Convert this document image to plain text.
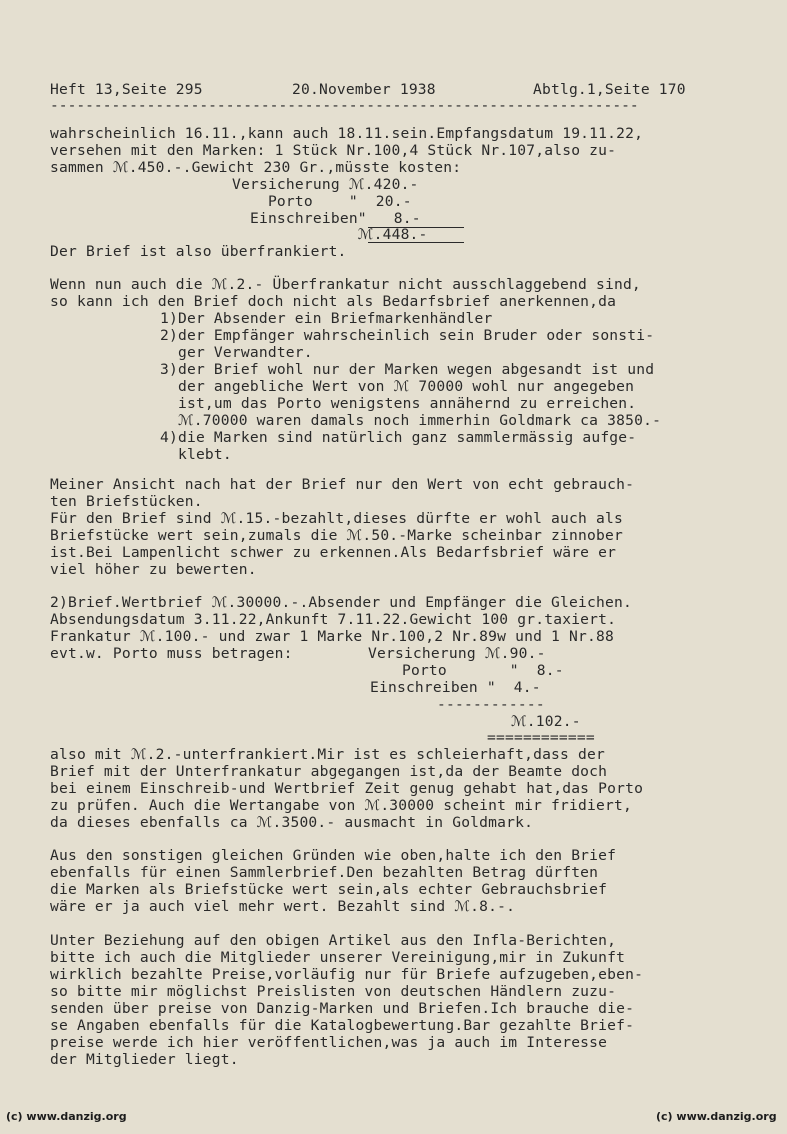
Heft 13,Seite 295	20.November 1938	Abtlg.1,Seite 170
-------------------------------------------------------------------
wahrscheinlich 16.11.,kann auch 18.11.sein.Empfangsdatum 19.11.22,
versehen mit den Marken: 1 Stück Nr.100,4 Stück Nr.107,also zu-
sammen ℳ.450.-.Gewicht 230 Gr.,müsste kosten:
Versicherung ℳ.420.-
Porto    "  20.-
Einschreiben"   8.-
ℳ.448.-
Der Brief ist also überfrankiert.
Wenn nun auch die ℳ.2.- Überfrankatur nicht ausschlaggebend sind,
so kann ich den Brief doch nicht als Bedarfsbrief anerkennen,da
1)Der Absender ein Briefmarkenhändler
2)der Empfänger wahrscheinlich sein Bruder oder sonsti-
ger Verwandter.
3)der Brief wohl nur der Marken wegen abgesandt ist und
der angebliche Wert von ℳ 70000 wohl nur angegeben
ist,um das Porto wenigstens annähernd zu erreichen.
ℳ.70000 waren damals noch immerhin Goldmark ca 3850.-
4)die Marken sind natürlich ganz sammlermässig aufge-
klebt.
Meiner Ansicht nach hat der Brief nur den Wert von echt gebrauch-
ten Briefstücken.
Für den Brief sind ℳ.15.-bezahlt,dieses dürfte er wohl auch als
Briefstücke wert sein,zumals die ℳ.50.-Marke scheinbar zinnober
ist.Bei Lampenlicht schwer zu erkennen.Als Bedarfsbrief wäre er
viel höher zu bewerten.
2)Brief.Wertbrief ℳ.30000.-.Absender und Empfänger die Gleichen.
Absendungsdatum 3.11.22,Ankunft 7.11.22.Gewicht 100 gr.taxiert.
Frankatur ℳ.100.- und zwar 1 Marke Nr.100,2 Nr.89w und 1 Nr.88
evt.w. Porto muss betragen:	Versicherung ℳ.90.-
Porto       "  8.-
Einschreiben "  4.-
------------
ℳ.102.-
============
also mit ℳ.2.-unterfrankiert.Mir ist es schleierhaft,dass der
Brief mit der Unterfrankatur abgegangen ist,da der Beamte doch
bei einem Einschreib-und Wertbrief Zeit genug gehabt hat,das Porto
zu prüfen. Auch die Wertangabe von ℳ.30000 scheint mir fridiert,
da dieses ebenfalls ca ℳ.3500.- ausmacht in Goldmark.
Aus den sonstigen gleichen Gründen wie oben,halte ich den Brief
ebenfalls für einen Sammlerbrief.Den bezahlten Betrag dürften
die Marken als Briefstücke wert sein,als echter Gebrauchsbrief
wäre er ja auch viel mehr wert. Bezahlt sind ℳ.8.-.
Unter Beziehung auf den obigen Artikel aus den Infla-Berichten,
bitte ich auch die Mitglieder unserer Vereinigung,mir in Zukunft
wirklich bezahlte Preise,vorläufig nur für Briefe aufzugeben,eben-
so bitte mir möglichst Preislisten von deutschen Händlern zuzu-
senden über preise von Danzig-Marken und Briefen.Ich brauche die-
se Angaben ebenfalls für die Katalogbewertung.Bar gezahlte Brief-
preise werde ich hier veröffentlichen,was ja auch im Interesse
der Mitglieder liegt.
(c) www.danzig.org	(c) www.danzig.org
